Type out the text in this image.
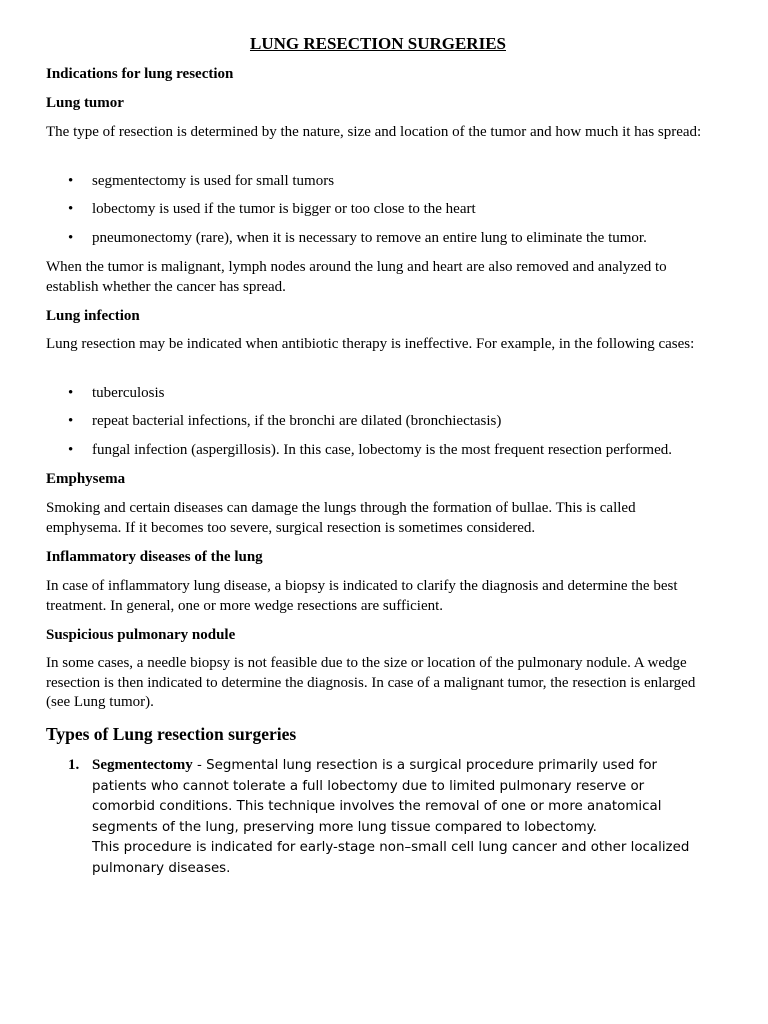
LUNG RESECTION SURGERIES

Indications for lung resection

Lung tumor

The type of resection is determined by the nature, size and location of the tumor and how much it has spread:

• segmentectomy is used for small tumors
• lobectomy is used if the tumor is bigger or too close to the heart
• pneumonectomy (rare), when it is necessary to remove an entire lung to eliminate the tumor.

When the tumor is malignant, lymph nodes around the lung and heart are also removed and analyzed to establish whether the cancer has spread.

Lung infection

Lung resection may be indicated when antibiotic therapy is ineffective. For example, in the following cases:

• tuberculosis
• repeat bacterial infections, if the bronchi are dilated (bronchiectasis)
• fungal infection (aspergillosis). In this case, lobectomy is the most frequent resection performed.

Emphysema

Smoking and certain diseases can damage the lungs through the formation of bullae. This is called emphysema. If it becomes too severe, surgical resection is sometimes considered.

Inflammatory diseases of the lung

In case of inflammatory lung disease, a biopsy is indicated to clarify the diagnosis and determine the best treatment. In general, one or more wedge resections are sufficient.

Suspicious pulmonary nodule

In some cases, a needle biopsy is not feasible due to the size or location of the pulmonary nodule. A wedge resection is then indicated to determine the diagnosis. In case of a malignant tumor, the resection is enlarged (see Lung tumor).

Types of Lung resection surgeries
1. Segmentectomy - Segmental lung resection is a surgical procedure primarily used for patients who cannot tolerate a full lobectomy due to limited pulmonary reserve or comorbid conditions. This technique involves the removal of one or more anatomical segments of the lung, preserving more lung tissue compared to lobectomy.
This procedure is indicated for early-stage non–small cell lung cancer and other localized pulmonary diseases.
